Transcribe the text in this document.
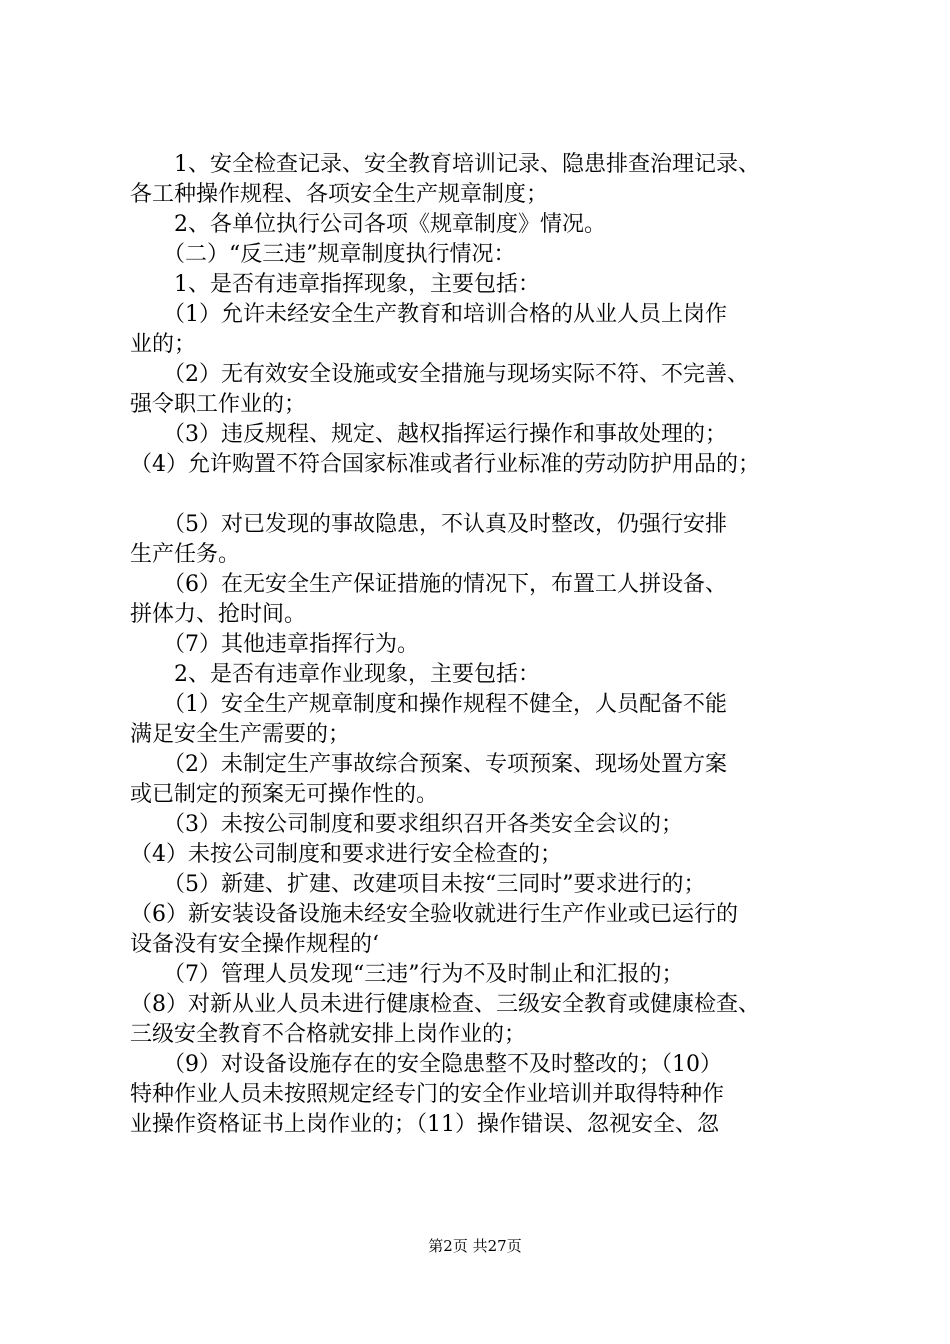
　　1、安全检查记录、安全教育培训记录、隐患排查治理记录、
各工种操作规程、各项安全生产规章制度；
　　2、各单位执行公司各项《规章制度》情况。
　　（二）“反三违”规章制度执行情况：
　　1、是否有违章指挥现象，主要包括：
　　（1）允许未经安全生产教育和培训合格的从业人员上岗作
业的；
　　（2）无有效安全设施或安全措施与现场实际不符、不完善、
强令职工作业的；
　　（3）违反规程、规定、越权指挥运行操作和事故处理的；
（4）允许购置不符合国家标准或者行业标准的劳动防护用品的；
　　（5）对已发现的事故隐患，不认真及时整改，仍强行安排
生产任务。
　　（6）在无安全生产保证措施的情况下，布置工人拼设备、
拼体力、抢时间。
　　（7）其他违章指挥行为。
　　2、是否有违章作业现象，主要包括：
　　（1）安全生产规章制度和操作规程不健全，人员配备不能
满足安全生产需要的；
　　（2）未制定生产事故综合预案、专项预案、现场处置方案
或已制定的预案无可操作性的。
　　（3）未按公司制度和要求组织召开各类安全会议的；
（4）未按公司制度和要求进行安全检查的；
　　（5）新建、扩建、改建项目未按“三同时”要求进行的；
（6）新安装设备设施未经安全验收就进行生产作业或已运行的
设备没有安全操作规程的‘
　　（7）管理人员发现“三违”行为不及时制止和汇报的；
（8）对新从业人员未进行健康检查、三级安全教育或健康检查、
三级安全教育不合格就安排上岗作业的；
　　（9）对设备设施存在的安全隐患整不及时整改的；（10）
特种作业人员未按照规定经专门的安全作业培训并取得特种作
业操作资格证书上岗作业的；（11）操作错误、忽视安全、忽
第2页 共27页
